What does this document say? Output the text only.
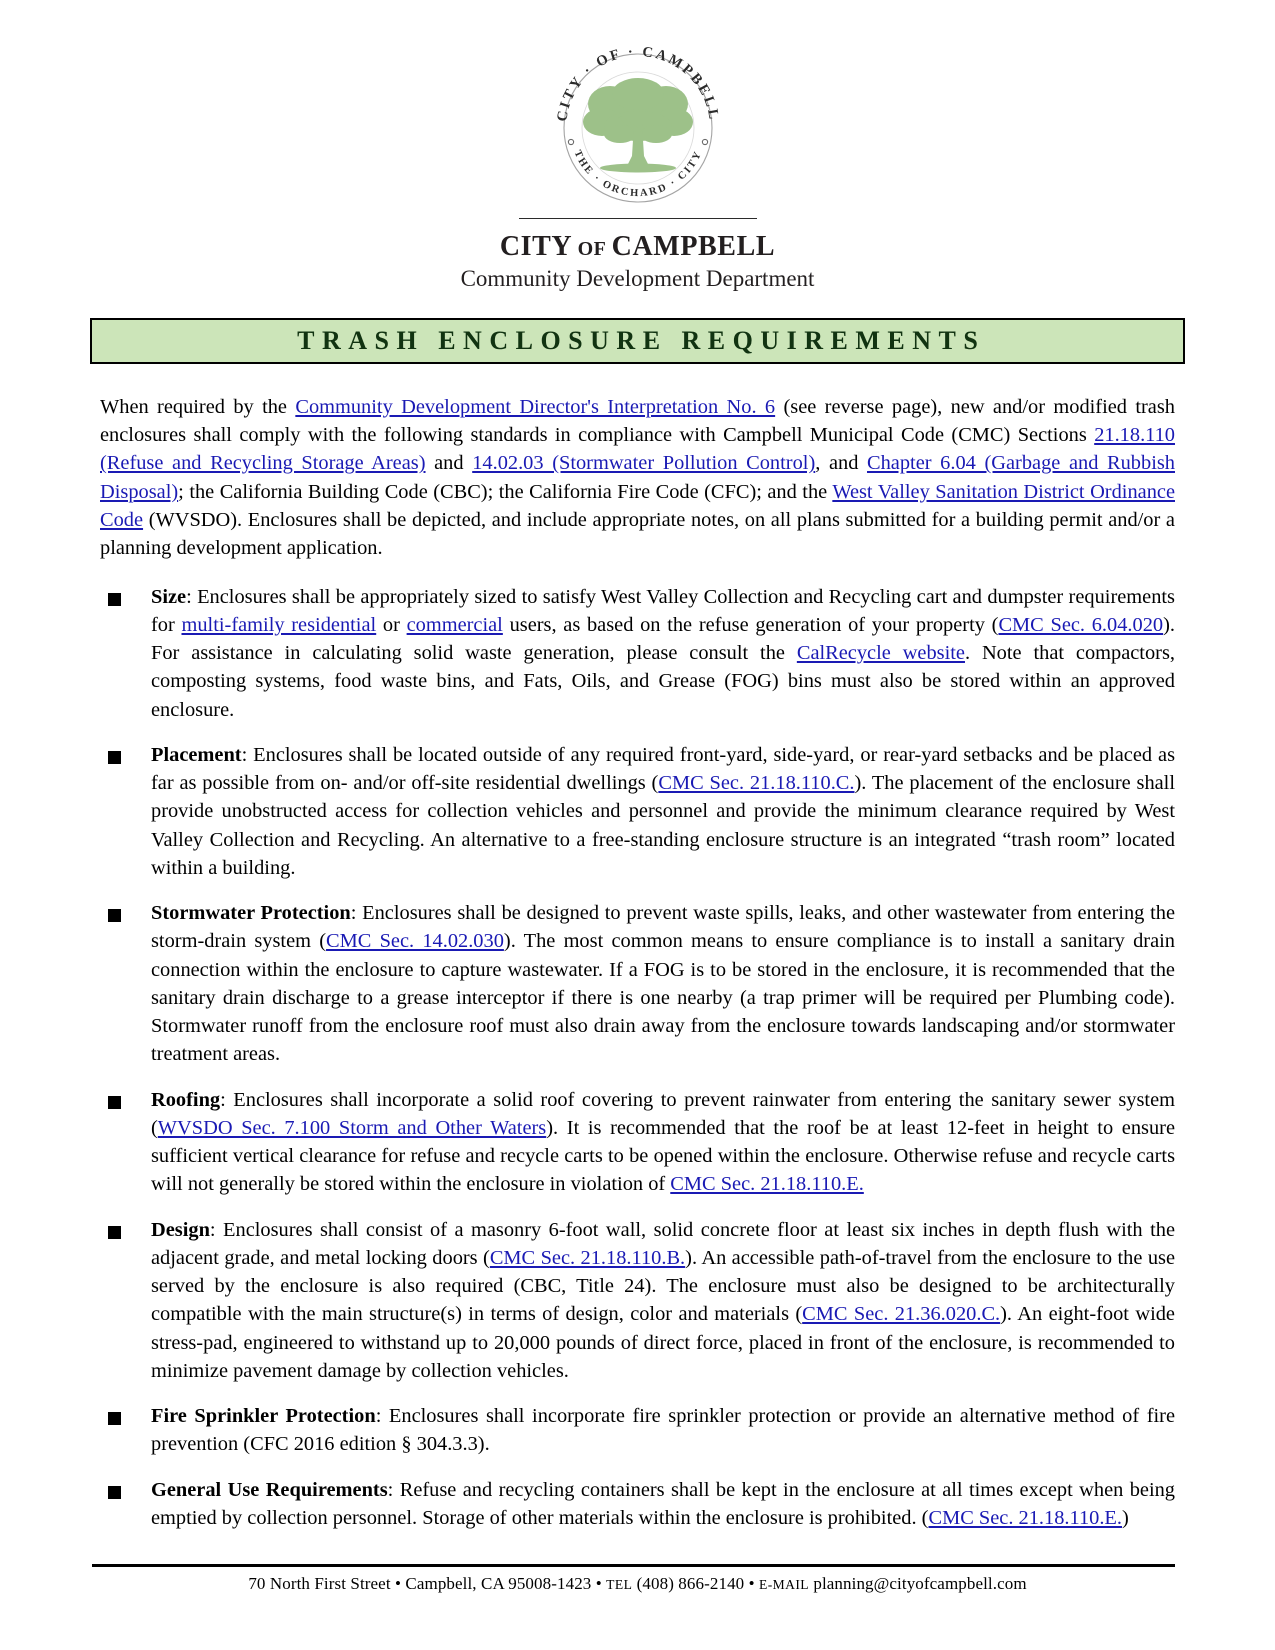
CITY · OF · CAMPBELL
THE · ORCHARD · CITY
CITY OF CAMPBELL
Community Development Department
TRASH ENCLOSURE REQUIREMENTS

When required by the Community Development Director's Interpretation No. 6 (see reverse page), new and/or modified trash enclosures shall comply with the following standards in compliance with Campbell Municipal Code (CMC) Sections 21.18.110 (Refuse and Recycling Storage Areas) and 14.02.03 (Stormwater Pollution Control), and Chapter 6.04 (Garbage and Rubbish Disposal); the California Building Code (CBC); the California Fire Code (CFC); and the West Valley Sanitation District Ordinance Code (WVSDO). Enclosures shall be depicted, and include appropriate notes, on all plans submitted for a building permit and/or a planning development application.

Size: Enclosures shall be appropriately sized to satisfy West Valley Collection and Recycling cart and dumpster requirements for multi-family residential or commercial users, as based on the refuse generation of your property (CMC Sec. 6.04.020). For assistance in calculating solid waste generation, please consult the CalRecycle website. Note that compactors, composting systems, food waste bins, and Fats, Oils, and Grease (FOG) bins must also be stored within an approved enclosure.
Placement: Enclosures shall be located outside of any required front-yard, side-yard, or rear-yard setbacks and be placed as far as possible from on- and/or off-site residential dwellings (CMC Sec. 21.18.110.C.). The placement of the enclosure shall provide unobstructed access for collection vehicles and personnel and provide the minimum clearance required by West Valley Collection and Recycling. An alternative to a free-standing enclosure structure is an integrated “trash room” located within a building.
Stormwater Protection: Enclosures shall be designed to prevent waste spills, leaks, and other wastewater from entering the storm-drain system (CMC Sec. 14.02.030). The most common means to ensure compliance is to install a sanitary drain connection within the enclosure to capture wastewater. If a FOG is to be stored in the enclosure, it is recommended that the sanitary drain discharge to a grease interceptor if there is one nearby (a trap primer will be required per Plumbing code). Stormwater runoff from the enclosure roof must also drain away from the enclosure towards landscaping and/or stormwater treatment areas.
Roofing: Enclosures shall incorporate a solid roof covering to prevent rainwater from entering the sanitary sewer system (WVSDO Sec. 7.100 Storm and Other Waters). It is recommended that the roof be at least 12-feet in height to ensure sufficient vertical clearance for refuse and recycle carts to be opened within the enclosure. Otherwise refuse and recycle carts will not generally be stored within the enclosure in violation of CMC Sec. 21.18.110.E.
Design: Enclosures shall consist of a masonry 6-foot wall, solid concrete floor at least six inches in depth flush with the adjacent grade, and metal locking doors (CMC Sec. 21.18.110.B.). An accessible path-of-travel from the enclosure to the use served by the enclosure is also required (CBC, Title 24). The enclosure must also be designed to be architecturally compatible with the main structure(s) in terms of design, color and materials (CMC Sec. 21.36.020.C.). An eight-foot wide stress-pad, engineered to withstand up to 20,000 pounds of direct force, placed in front of the enclosure, is recommended to minimize pavement damage by collection vehicles.
Fire Sprinkler Protection: Enclosures shall incorporate fire sprinkler protection or provide an alternative method of fire prevention (CFC 2016 edition § 304.3.3).
General Use Requirements: Refuse and recycling containers shall be kept in the enclosure at all times except when being emptied by collection personnel. Storage of other materials within the enclosure is prohibited. (CMC Sec. 21.18.110.E.)
70 North First Street • Campbell, CA 95008-1423 • TEL (408) 866-2140 • E-MAIL planning@cityofcampbell.com
